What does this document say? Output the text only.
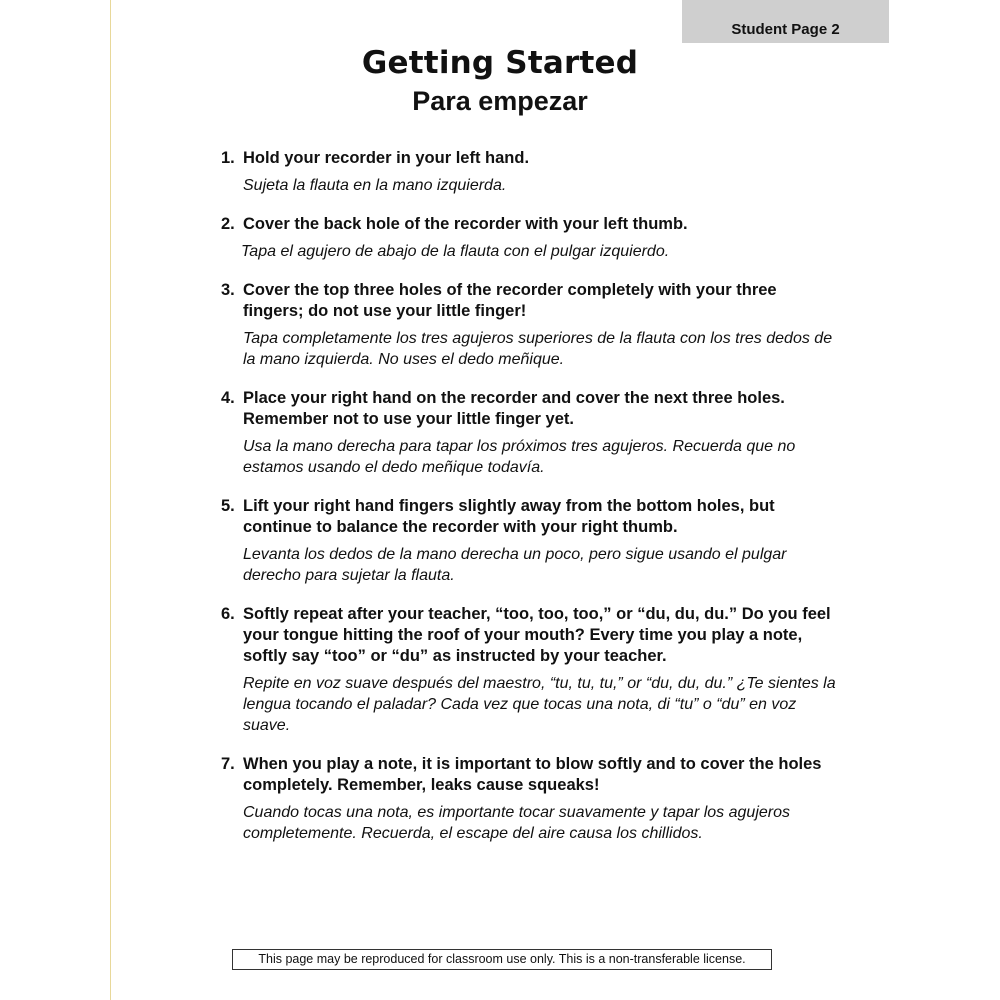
Student Page 2
Getting Started
Para empezar
1. Hold your recorder in your left hand.

Sujeta la flauta en la mano izquierda.

2. Cover the back hole of the recorder with your left thumb.

Tapa el agujero de abajo de la flauta con el pulgar izquierdo.

3. Cover the top three holes of the recorder completely with your three fingers; do not use your little finger!

Tapa completamente los tres agujeros superiores de la flauta con los tres dedos de la mano izquierda. No uses el dedo meñique.

4. Place your right hand on the recorder and cover the next three holes. Remember not to use your little finger yet.

Usa la mano derecha para tapar los próximos tres agujeros. Recuerda que no estamos usando el dedo meñique todavía.

5. Lift your right hand fingers slightly away from the bottom holes, but continue to balance the recorder with your right thumb.

Levanta los dedos de la mano derecha un poco, pero sigue usando el pulgar derecho para sujetar la flauta.

6. Softly repeat after your teacher, “too, too, too,” or “du, du, du.” Do you feel your tongue hitting the roof of your mouth? Every time you play a note, softly say “too” or “du” as instructed by your teacher.

Repite en voz suave después del maestro, “tu, tu, tu,” or “du, du, du.” ¿Te sientes la lengua tocando el paladar? Cada vez que tocas una nota, di “tu” o “du” en voz suave.

7. When you play a note, it is important to blow softly and to cover the holes completely. Remember, leaks cause squeaks!

Cuando tocas una nota, es importante tocar suavamente y tapar los agujeros completemente. Recuerda, el escape del aire causa los chillidos.

This page may be reproduced for classroom use only. This is a non-transferable license.
